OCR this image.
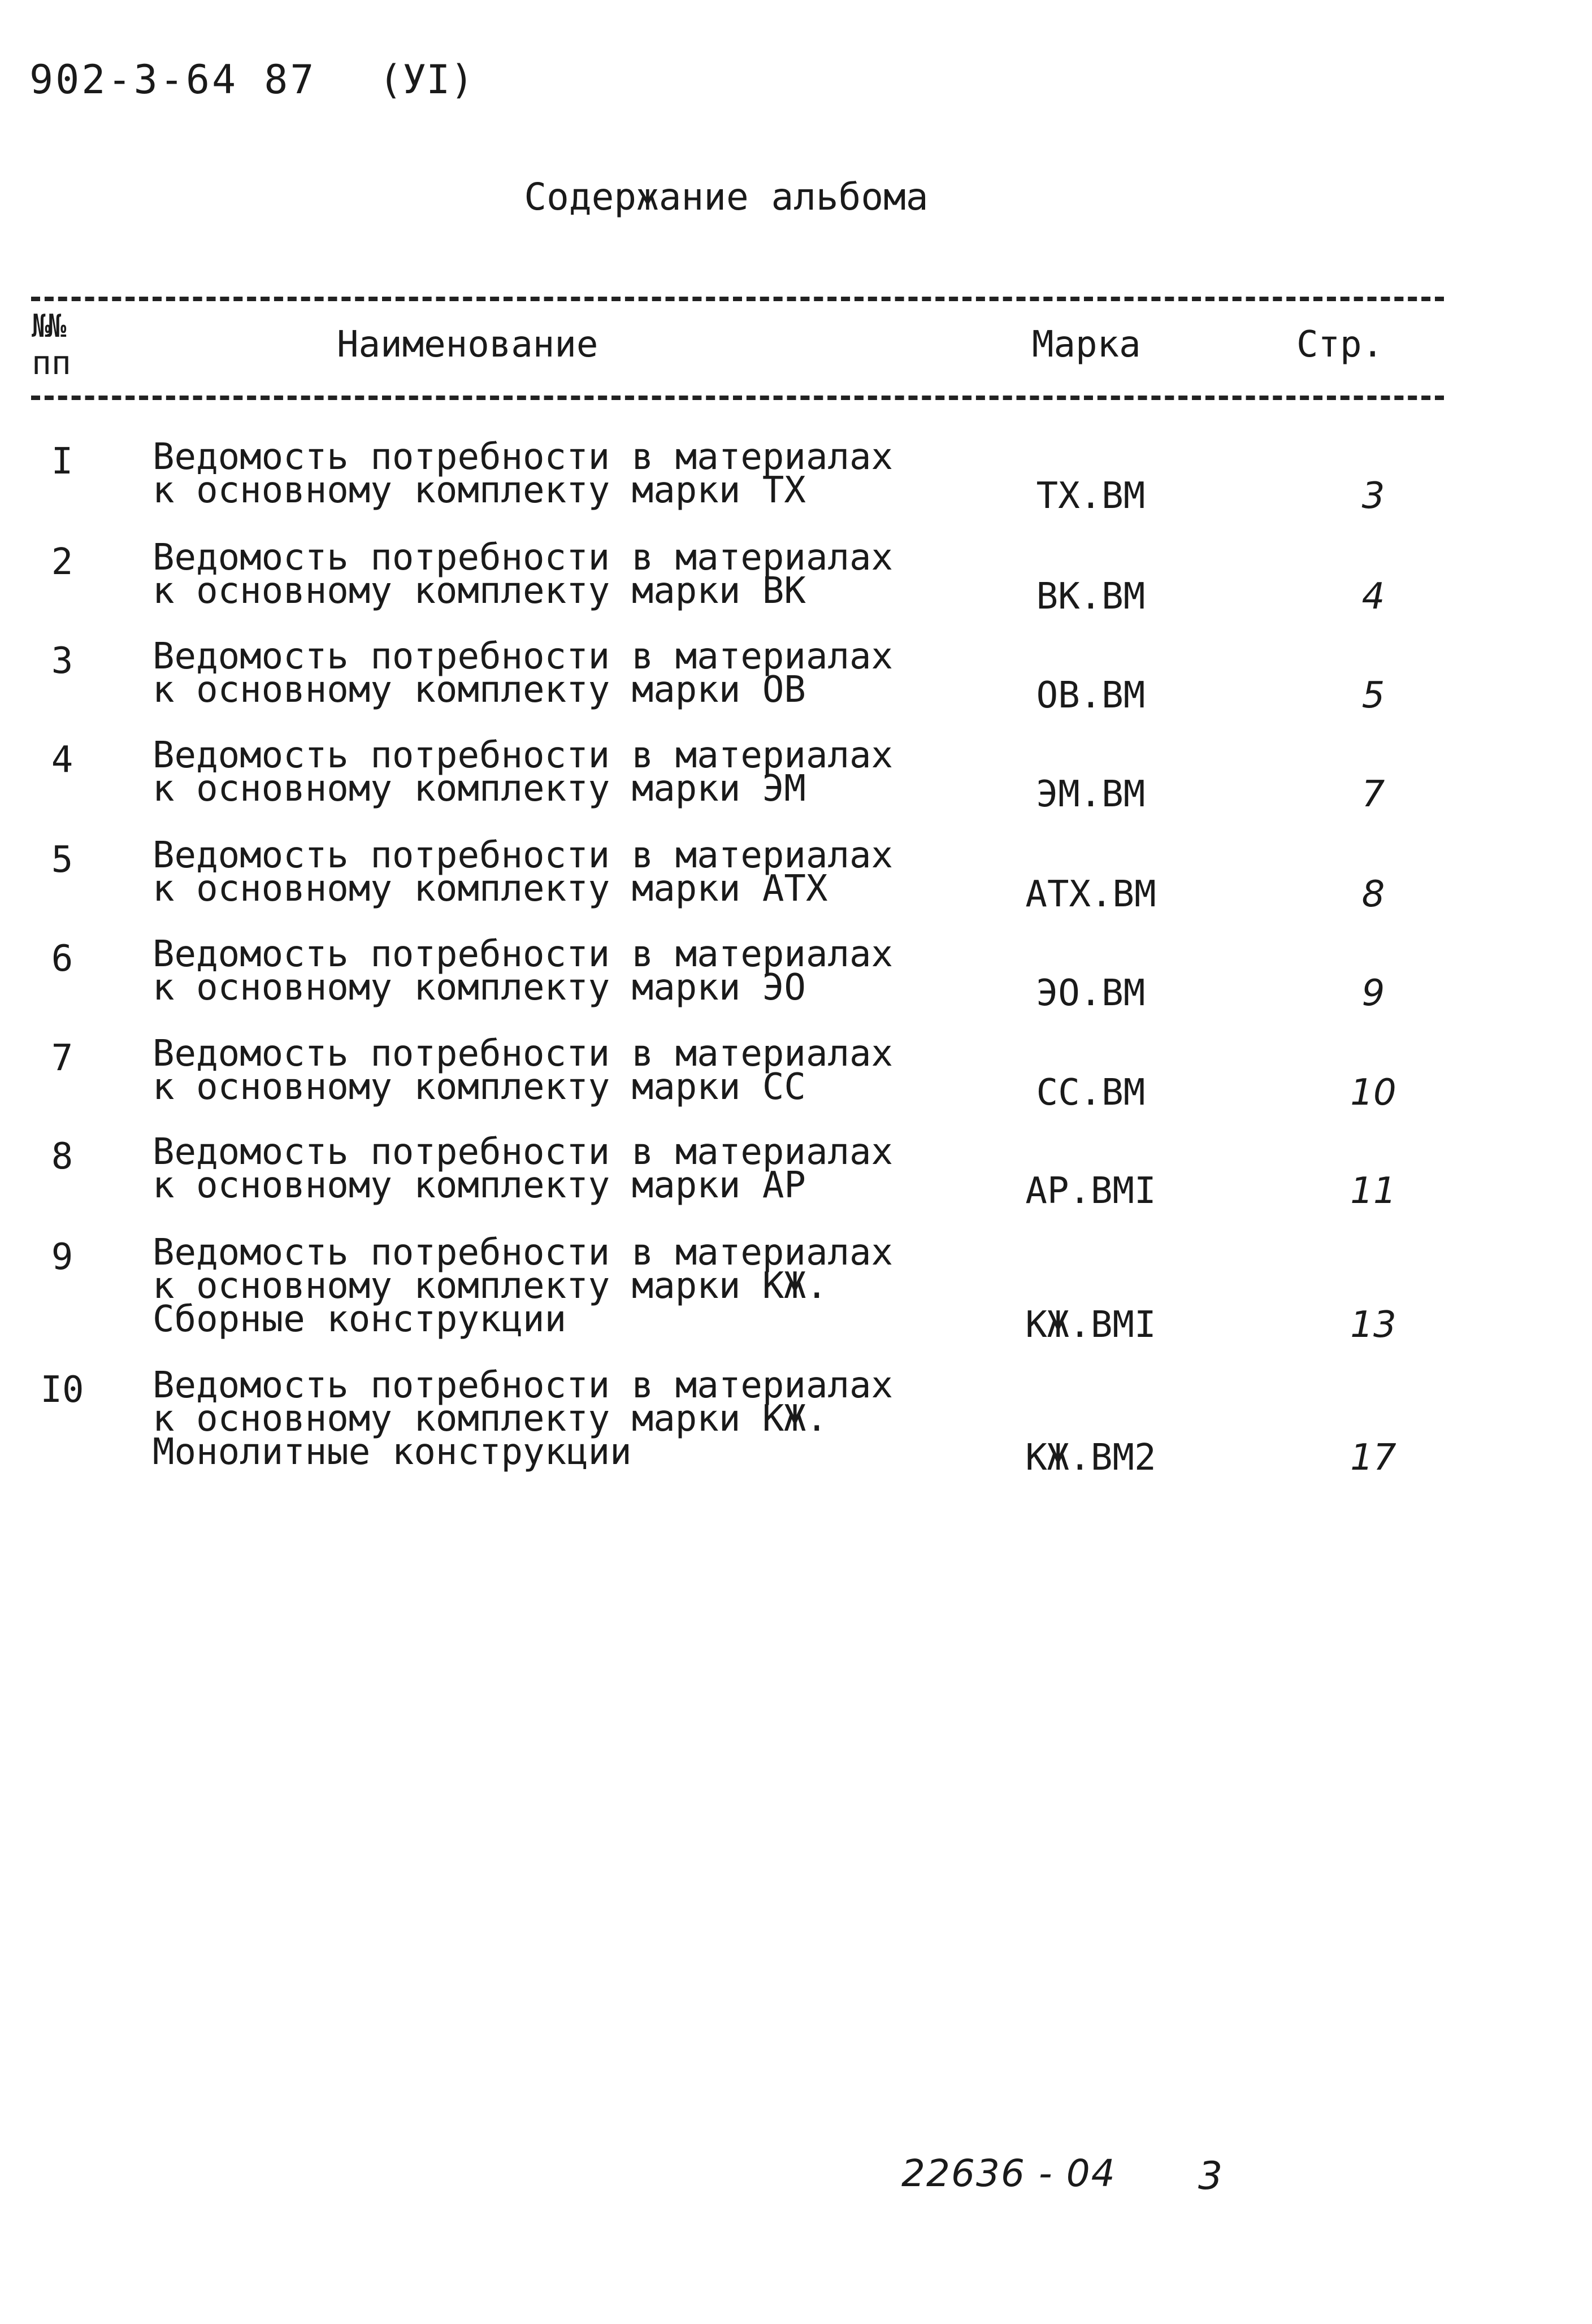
902-3-64 87 (УI)
Содержание альбома
№№
пп	Наименование	Марка	Стр.
I	Ведомость потребности в материалах
к основному комплекту марки ТХ	ТХ.ВМ	3
2	Ведомость потребности в материалах
к основному комплекту марки ВК	ВК.ВМ	4
3	Ведомость потребности в материалах
к основному комплекту марки ОВ	ОВ.ВМ	5
4	Ведомость потребности в материалах
к основному комплекту марки ЭМ	ЭМ.ВМ	7
5	Ведомость потребности в материалах
к основному комплекту марки АТХ	АТХ.ВМ	8
6	Ведомость потребности в материалах
к основному комплекту марки ЭО	ЭО.ВМ	9
7	Ведомость потребности в материалах
к основному комплекту марки СС	СС.ВМ	10
8	Ведомость потребности в материалах
к основному комплекту марки АР	АР.ВМI	11
9	Ведомость потребности в материалах
к основному комплекту марки КЖ.
Сборные конструкции	КЖ.ВМI	13
I0 Ведомость потребности в материалах
к основному комплекту марки КЖ.
Монолитные конструкции	КЖ.ВМ2	17
22636 - 04 3
